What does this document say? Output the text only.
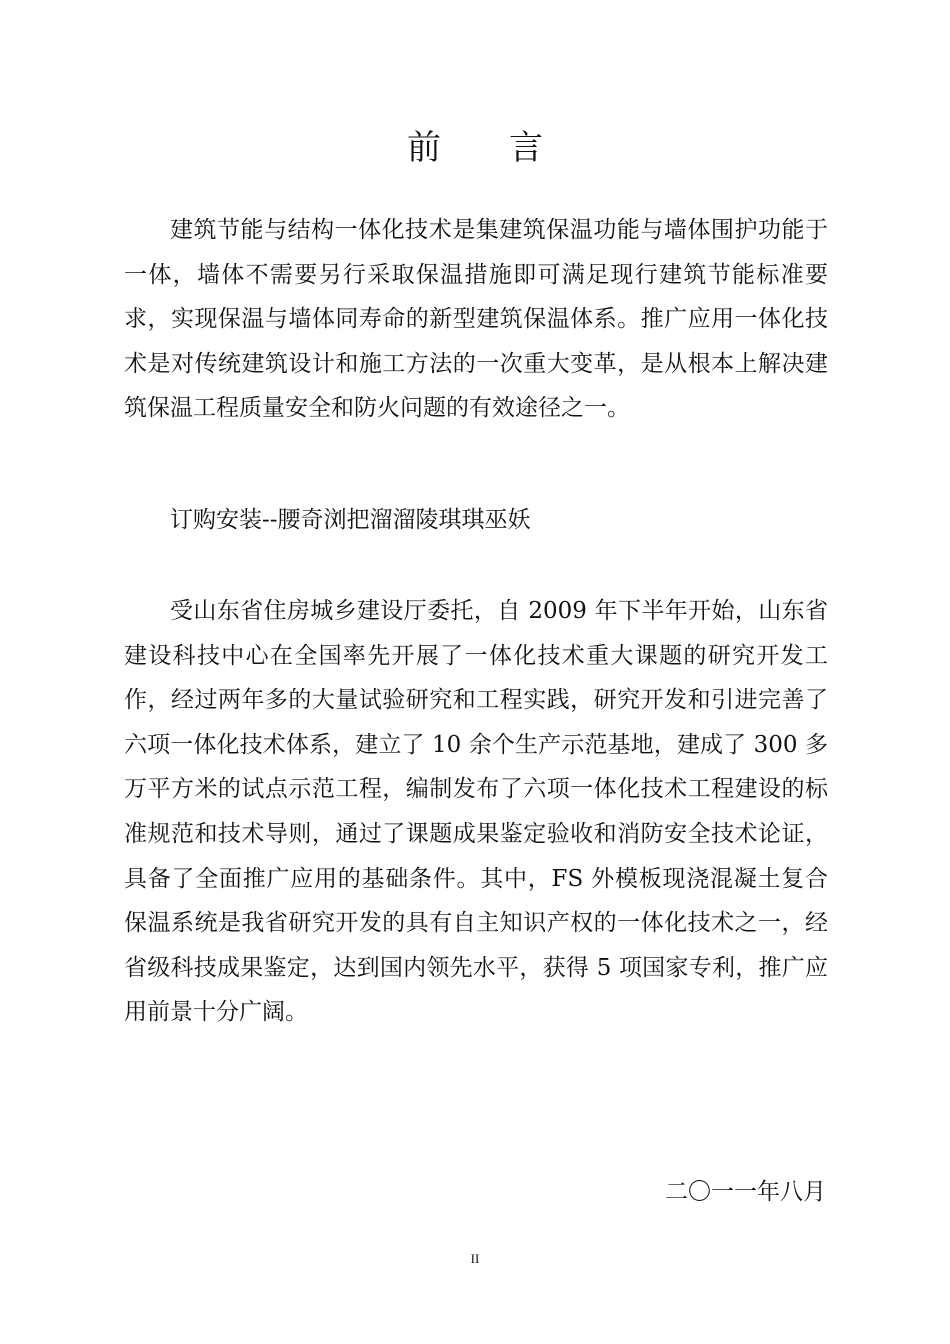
前 言

建筑节能与结构一体化技术是集建筑保温功能与墙体围护功能于一体，墙体不需要另行采取保温措施即可满足现行建筑节能标准要求，实现保温与墙体同寿命的新型建筑保温体系。推广应用一体化技术是对传统建筑设计和施工方法的一次重大变革，是从根本上解决建筑保温工程质量安全和防火问题的有效途径之一。

订购安装--腰奇浏把溜溜陵琪琪巫妖

受山东省住房城乡建设厅委托，自 2009 年下半年开始，山东省建设科技中心在全国率先开展了一体化技术重大课题的研究开发工作，经过两年多的大量试验研究和工程实践，研究开发和引进完善了六项一体化技术体系，建立了 10 余个生产示范基地，建成了 300 多万平方米的试点示范工程，编制发布了六项一体化技术工程建设的标准规范和技术导则，通过了课题成果鉴定验收和消防安全技术论证，具备了全面推广应用的基础条件。其中，FS 外模板现浇混凝土复合保温系统是我省研究开发的具有自主知识产权的一体化技术之一，经省级科技成果鉴定，达到国内领先水平，获得 5 项国家专利，推广应用前景十分广阔。

二〇一一年八月
II
